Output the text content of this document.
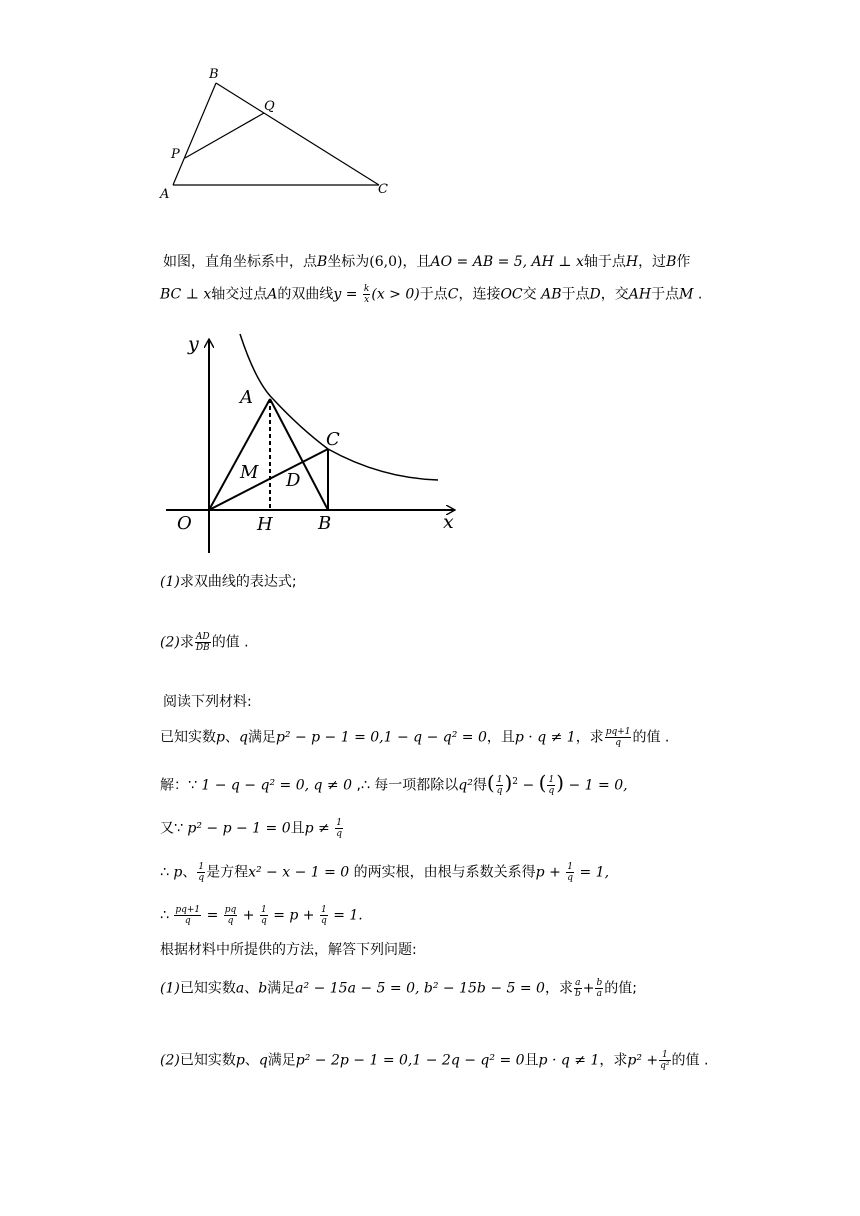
B
Q
P
A	C
如图，直角坐标系中，点B坐标为(6,0)，且AO = AB = 5, AH ⊥ x轴于点H，过B作
BC ⊥ x轴交过点A的双曲线$y = \frac{k}{x} (x > 0)$于点C，连接OC交 AB于点D，交AH于点M .
y
A
C
M D
O	H	B	x
(1)求双曲线的表达式;
(2)求 $\frac{AD}{DB}$ 的值 .
阅读下列材料:
已知实数p、q满足p² − p − 1 = 0,1 − q − q² = 0，且p · q ≠ 1，求 $\frac{pq+1}{q}$ 的值 .
解：∵ 1 − q − q² = 0, q ≠ 0 ,∴ 每一项都除以q²得( $\frac{1}{q} )^2$ − ( $\frac{1}{q}$ ) − 1 = 0,
又∵ p² − p − 1 = 0且$p \ne \frac{1}{q}$
∴ p、 $\frac{1}{q}$ 是方程x² − x − 1 = 0 的两实根，由根与系数关系得$p + \frac{1}{q} = 1$,
∴ $\frac{pq+1}{q} = \frac{pq}{q} + \frac{1}{q} = p + \frac{1}{q} = 1$.
根据材料中所提供的方法，解答下列问题:
(1)已知实数a、b满足a² − 15a − 5 = 0, b² − 15b − 5 = 0，求 $\frac{a}{b} + \frac{b}{a}$ 的值;
(2)已知实数p、q满足p² − 2p − 1 = 0,1 − 2q − q² = 0且p · q ≠ 1，求$p^2 + \frac{1}{\text{q²}}$ 的值 .
